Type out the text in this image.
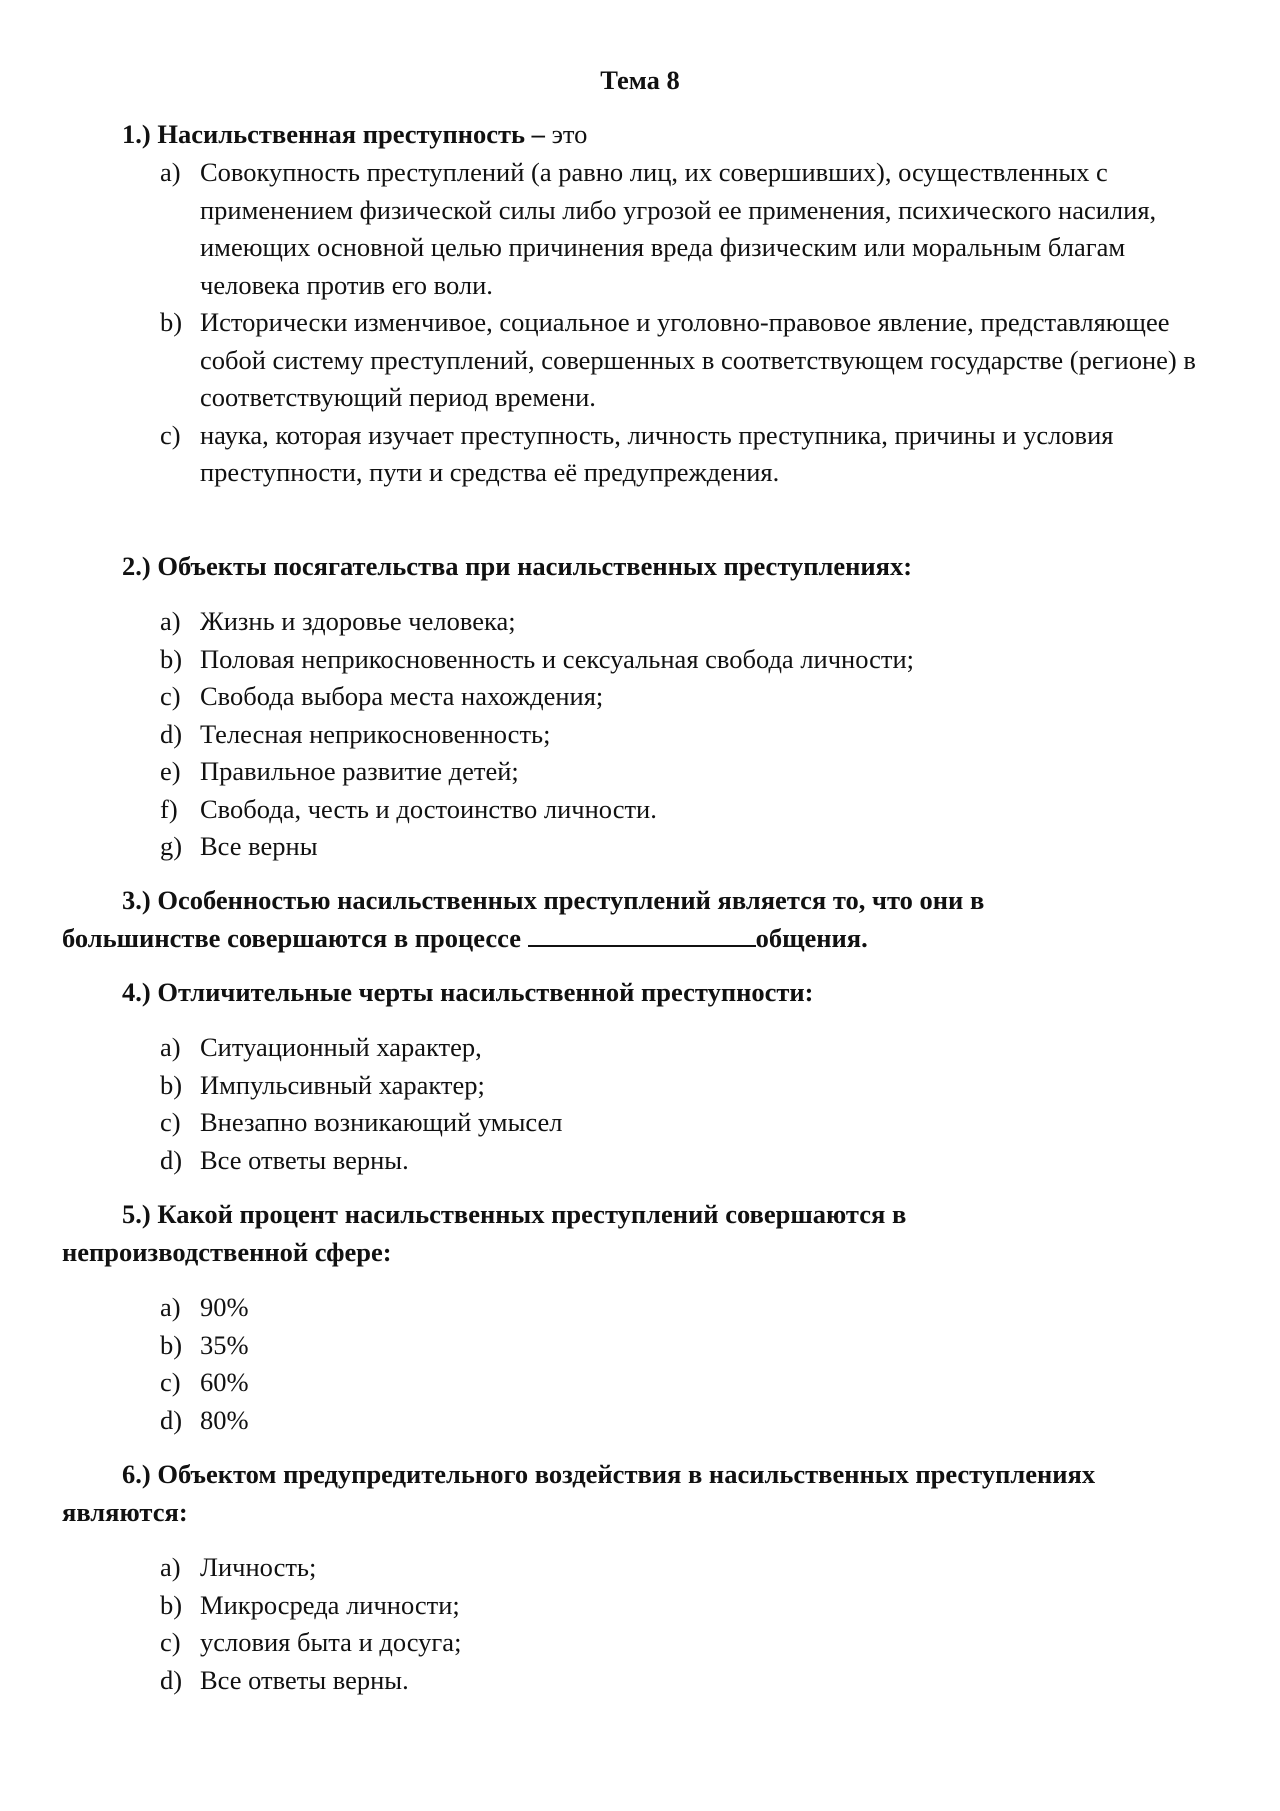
Тема 8

1.) Насильственная преступность – это

a) Совокупность преступлений (а равно лиц, их совершивших), осуществленных с применением физической силы либо угрозой ее применения, психического насилия, имеющих основной целью причинения вреда физическим или моральным благам человека против его воли.
b) Исторически изменчивое, социальное и уголовно-правовое явление, представляющее собой систему преступлений, совершенных в соответствующем государстве (регионе) в соответствующий период времени.
c) наука, которая изучает преступность, личность преступника, причины и условия преступности, пути и средства её предупреждения.

2.) Объекты посягательства при насильственных преступлениях:

a) Жизнь и здоровье человека;
b) Половая неприкосновенность и сексуальная свобода личности;
c) Свобода выбора места нахождения;
d) Телесная неприкосновенность;
e) Правильное развитие детей;
f) Свобода, честь и достоинство личности.
g) Все верны

3.) Особенностью насильственных преступлений является то, что они в большинстве совершаются в процессе	общения.

4.) Отличительные черты насильственной преступности:

a) Ситуационный характер,
b) Импульсивный характер;
c) Внезапно возникающий умысел
d) Все ответы верны.

5.) Какой процент насильственных преступлений совершаются в непроизводственной сфере:

a) 90%
b) 35%
c) 60%
d) 80%

6.) Объектом предупредительного воздействия в насильственных преступлениях являются:

a) Личность;
b) Микросреда личности;
c) условия быта и досуга;
d) Все ответы верны.
